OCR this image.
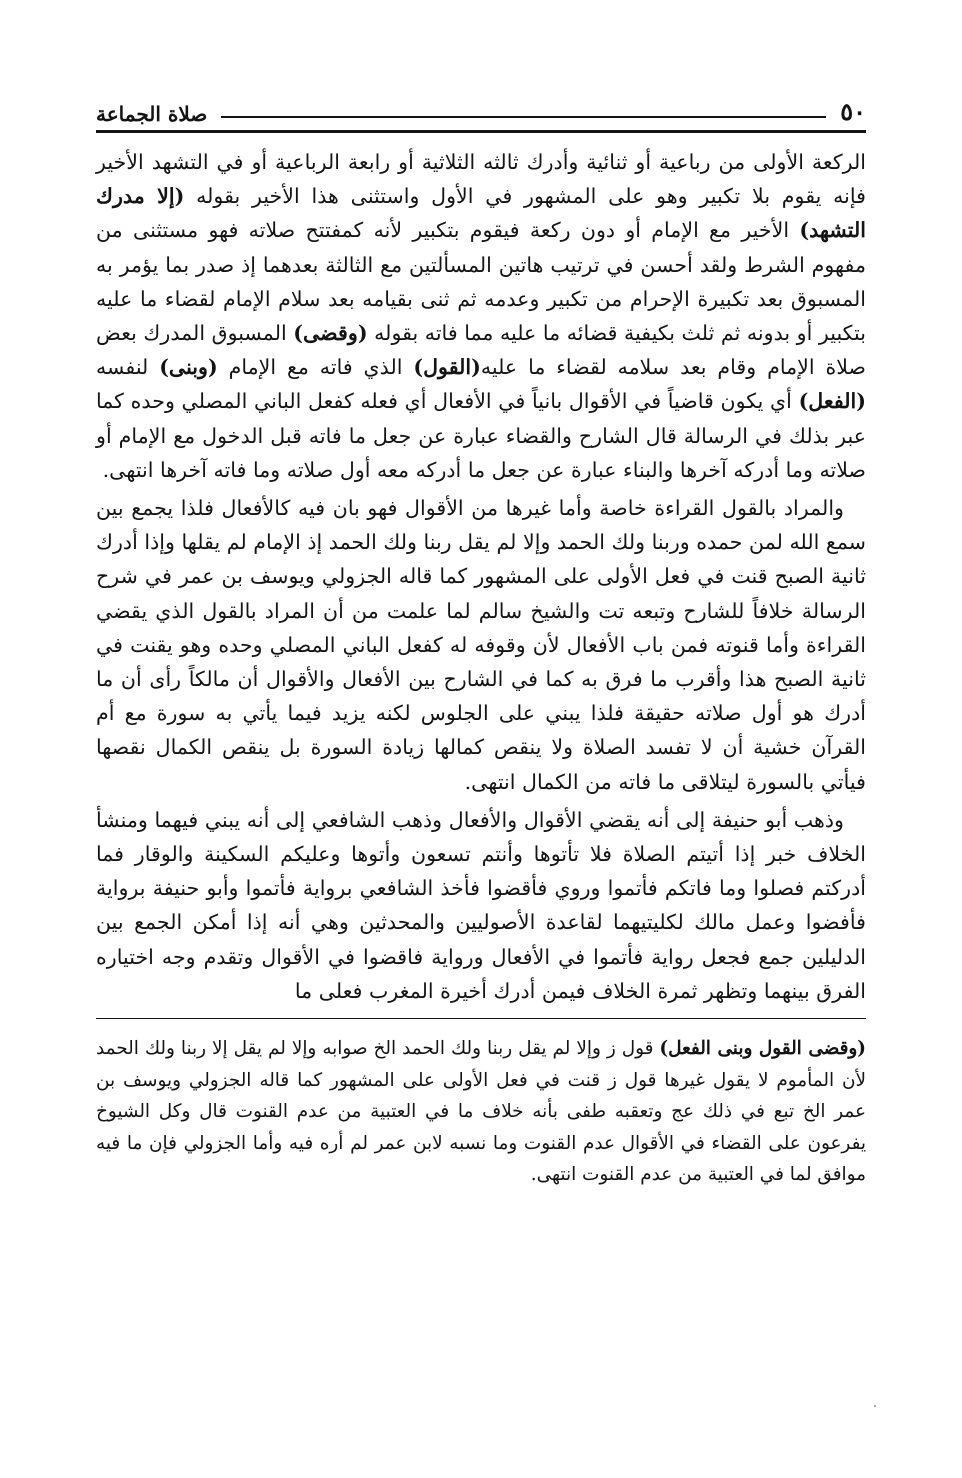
٥٠
صلاة الجماعة

الركعة الأولى من رباعية أو ثنائية وأدرك ثالثه الثلاثية أو رابعة الرباعية أو في التشهد الأخير فإنه يقوم بلا تكبير وهو على المشهور في الأول واستثنى هذا الأخير بقوله (إلا مدرك التشهد) الأخير مع الإمام أو دون ركعة فيقوم بتكبير لأنه كمفتتح صلاته فهو مستثنى من مفهوم الشرط ولقد أحسن في ترتيب هاتين المسألتين مع الثالثة بعدهما إذ صدر بما يؤمر به المسبوق بعد تكبيرة الإحرام من تكبير وعدمه ثم ثنى بقيامه بعد سلام الإمام لقضاء ما عليه بتكبير أو بدونه ثم ثلث بكيفية قضائه ما عليه مما فاته بقوله (وقضى) المسبوق المدرك بعض صلاة الإمام وقام بعد سلامه لقضاء ما عليه(القول) الذي فاته مع الإمام (وبنى) لنفسه (الفعل) أي يكون قاضياً في الأقوال بانياً في الأفعال أي فعله كفعل الباني المصلي وحده كما عبر بذلك في الرسالة قال الشارح والقضاء عبارة عن جعل ما فاته قبل الدخول مع الإمام أو صلاته وما أدركه آخرها والبناء عبارة عن جعل ما أدركه معه أول صلاته وما فاته آخرها انتهى.

والمراد بالقول القراءة خاصة وأما غيرها من الأقوال فهو بان فيه كالأفعال فلذا يجمع بين سمع الله لمن حمده وربنا ولك الحمد وإلا لم يقل ربنا ولك الحمد إذ الإمام لم يقلها وإذا أدرك ثانية الصبح قنت في فعل الأولى على المشهور كما قاله الجزولي ويوسف بن عمر في شرح الرسالة خلافاً للشارح وتبعه تت والشيخ سالم لما علمت من أن المراد بالقول الذي يقضي القراءة وأما قنوته فمن باب الأفعال لأن وقوفه له كفعل الباني المصلي وحده وهو يقنت في ثانية الصبح هذا وأقرب ما فرق به كما في الشارح بين الأفعال والأقوال أن مالكاً رأى أن ما أدرك هو أول صلاته حقيقة فلذا يبني على الجلوس لكنه يزيد فيما يأتي به سورة مع أم القرآن خشية أن لا تفسد الصلاة ولا ينقص كمالها زيادة السورة بل ينقص الكمال نقصها فيأتي بالسورة ليتلاقى ما فاته من الكمال انتهى.

وذهب أبو حنيفة إلى أنه يقضي الأقوال والأفعال وذهب الشافعي إلى أنه يبني فيهما ومنشأ الخلاف خبر إذا أتيتم الصلاة فلا تأتوها وأنتم تسعون وأتوها وعليكم السكينة والوقار فما أدركتم فصلوا وما فاتكم فأتموا وروي فأقضوا فأخذ الشافعي برواية فأتموا وأبو حنيفة برواية فأفضوا وعمل مالك لكليتيهما لقاعدة الأصوليين والمحدثين وهي أنه إذا أمكن الجمع بين الدليلين جمع فجعل رواية فأتموا في الأفعال ورواية فاقضوا في الأقوال وتقدم وجه اختياره الفرق بينهما وتظهر ثمرة الخلاف فيمن أدرك أخيرة المغرب فعلى ما

(وقضى القول وبنى الفعل) قول ز وإلا لم يقل ربنا ولك الحمد الخ صوابه وإلا لم يقل إلا ربنا ولك الحمد لأن المأموم لا يقول غيرها قول ز قنت في فعل الأولى على المشهور كما قاله الجزولي ويوسف بن عمر الخ تبع في ذلك عج وتعقبه طفى بأنه خلاف ما في العتبية من عدم القنوت قال وكل الشيوخ يفرعون على القضاء في الأقوال عدم القنوت وما نسبه لابن عمر لم أره فيه وأما الجزولي فإن ما فيه موافق لما في العتبية من عدم القنوت انتهى.
